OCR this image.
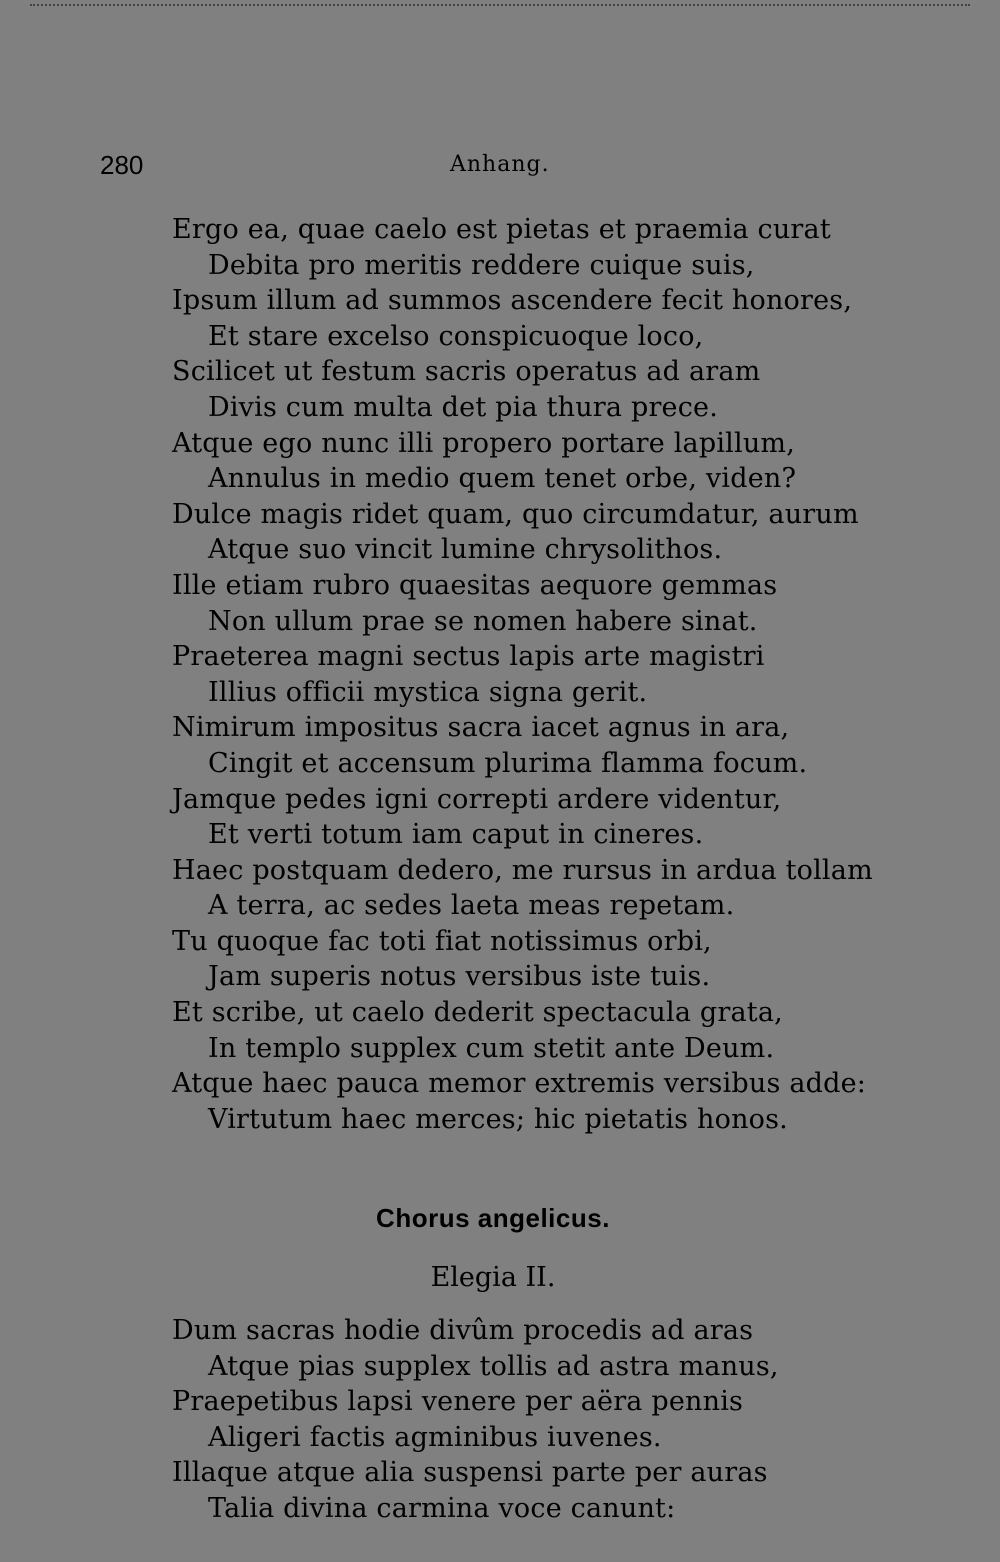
280	Anhang.
Ergo ea, quae caelo est pietas et praemia curat
Debita pro meritis reddere cuique suis,
Ipsum illum ad summos ascendere fecit honores,
Et stare excelso conspicuoque loco,
Scilicet ut festum sacris operatus ad aram
Divis cum multa det pia thura prece.
Atque ego nunc illi propero portare lapillum,
Annulus in medio quem tenet orbe, viden?
Dulce magis ridet quam, quo circumdatur, aurum
Atque suo vincit lumine chrysolithos.
Ille etiam rubro quaesitas aequore gemmas
Non ullum prae se nomen habere sinat.
Praeterea magni sectus lapis arte magistri
Illius officii mystica signa gerit.
Nimirum impositus sacra iacet agnus in ara,
Cingit et accensum plurima flamma focum.
Jamque pedes igni correpti ardere videntur,
Et verti totum iam caput in cineres.
Haec postquam dedero, me rursus in ardua tollam
A terra, ac sedes laeta meas repetam.
Tu quoque fac toti fiat notissimus orbi,
Jam superis notus versibus iste tuis.
Et scribe, ut caelo dederit spectacula grata,
In templo supplex cum stetit ante Deum.
Atque haec pauca memor extremis versibus adde:
Virtutum haec merces; hic pietatis honos.
Chorus angelicus.
Elegia II.
Dum sacras hodie divûm procedis ad aras
Atque pias supplex tollis ad astra manus,
Praepetibus lapsi venere per aëra pennis
Aligeri factis agminibus iuvenes.
Illaque atque alia suspensi parte per auras
Talia divina carmina voce canunt:
